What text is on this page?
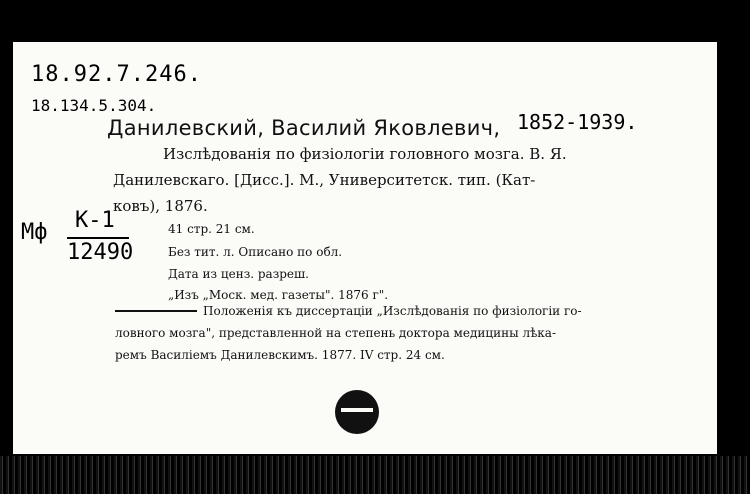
18.92.7.246.
18.134.5.304.
Данилевский, Василий Яковлевич, 1852-1939.
Изслѣдованія по физіологіи головного мозга. В. Я.
Данилевскаго. [Дисс.]. М., Университетск. тип. (Кат-
ковъ), 1876.
Мф К-1
12490
41 стр. 21 см.
Без тит. л. Описано по обл.
Дата из ценз. разреш.
„Изъ „Моск. мед. газеты". 1876 г".
Положенія къ диссертаціи „Изслѣдованія по физіологіи го-
ловного мозга", представленной на степень доктора медицины лѣка-
ремъ Василіемъ Данилевскимъ. 1877. IV стр. 24 см.
